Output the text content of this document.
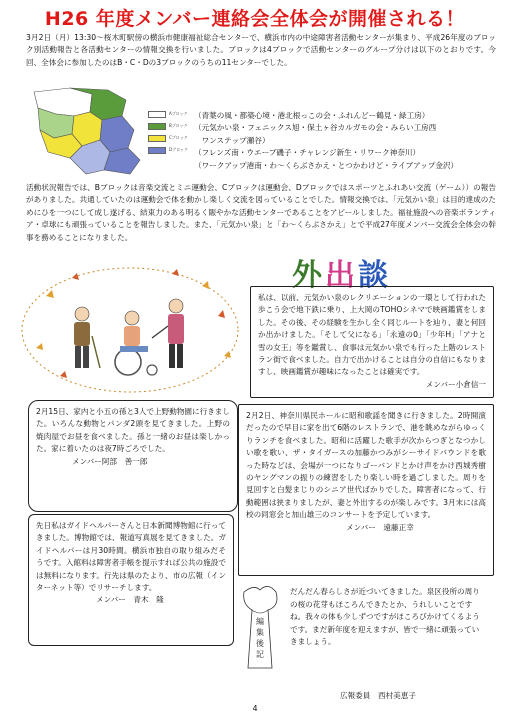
H26 年度メンバー連絡会全体会が開催される！
3月2日（月）13:30～桜木町駅傍の横浜市健康福祉総合センターで、横浜市内の中途障害者活動センターが集まり、平成26年度のブロック別活動報告と各活動センターの情報交換を行いました。ブロックは4ブロックで活動センターのグループ分けは以下のとおりです。今回、全体会に参加したのはB・C・Dの3ブロックのうちの11センターでした。
Aブロック
Bブロック
Cブロック
Dブロック
（青葉の風・都築心境・港北根っこの会・ふれんどー鶴見・緑工房）
（元気かい泉・フェニックス旭・保土ヶ谷カルガモの会・みらい工房西
　ワンステップ瀬谷）
（フレンズ南・ウエーブ磯子・チャレンジ新生・リワーク神奈川）
（ワークアップ港南・わ～くらぶさかえ・とつかわけど・ライブアップ金沢）
活動状況報告では、Bブロックは音楽交流とミニ運動会、Cブロックは運動会、Dブロックではスポーツとふれあい交流（ゲーム））の報告がありました。共通していたのは運動会で体を動かし楽しく交流を図っていることでした。情報交換では、「元気かい泉」は目的達成のためにひを一つにして成し遂げる、結束力のある明るく賑やかな活動センターであることをアピールしました。福祉施設への音楽ボランティア・卓球にも頑張っていることを報告しました。また、「元気かい泉」と「わ～くらぶさかえ」とで平成27年度メンバー交流会全体会の幹事を務めることになりました。
外出談
私は、以前、元気かい泉のレクリエーションの一環として行われた歩こう会で地下鉄に乗り、上大岡のTOHOシネマで映画鑑賞をしました。その後、その経験を生かし全く同じルートを辿り、妻と何回か出かけました。「そして父になる」「永遠の0」「少年H」「アナと雪の女王」等を鑑賞し、食事は元気かい泉でも行った上階のレストラン街で食べました。自力で出かけることは自分の自信にもなりますし、映画鑑賞が趣味になったことは確実です。
メンバー小倉信一
2月15日、家内と小五の孫と3人で上野動物園に行きました。いろんな動物とパンダ2頭を見てきました。上野の焼肉屋でお昼を食べました。孫と一緒のお昼は楽しかった。家に着いたのは夜7時ごろでした。
メンバー阿部　善一郎
2月2日、神奈川県民ホールに昭和歌謡を聞きに行きました。2時開演だったので早目に家を出て6階のレストランで、港を眺めながらゆっくりランチを食べました。昭和に活躍した歌手が次からつぎとなつかしい歌を歌い、ザ・タイガースの加藤かつみがシーサイドバウンドを歌った時などは、会場が一つになりゴーバンドとかけ声をかけ西城秀樹のヤングマンの振りの練習をしたり楽しい時を過ごしました。周りを見回すと白髪まじりのシニア世代ばかりでした。障害者になって、行動範囲は狭まりましたが、妻と外出するのが楽しみです。3月末には高校の同窓会と加山雄三のコンサートを予定しています。
メンバー　遠藤正幸
先日私はガイドヘルパーさんと日本新聞博物館に行ってきました。博物館では、報道写真展を見てきました。ガイドヘルパーは月30時間。横浜市独自の取り組みだそうです。入館料は障害者手帳を提示すれば公共の施設では無料になります。行先は県のたより、市の広報（インターネット等）でリサーチします。
メンバー　青木　隆
編
集
後
記
だんだん春らしさが近づいてきました。泉区役所の周りの桜の花芽もほころんできたとか、うれしいことですね。我々の体も少しずつですがほころびかけてくるようです。まだ新年度を迎えますが、皆で一緒に頑張っていきましょう。
広報委員　西村美恵子
4
